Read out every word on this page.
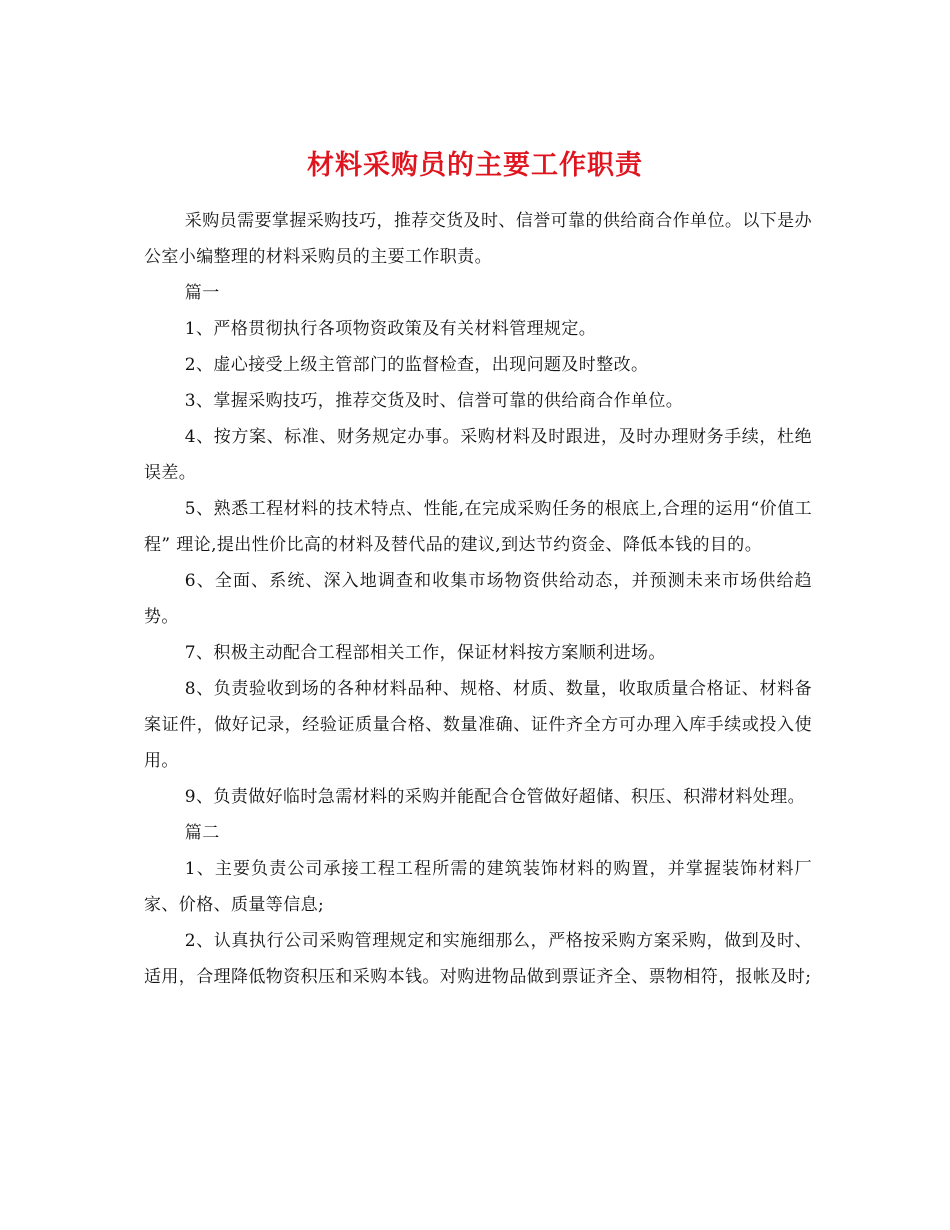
材料采购员的主要工作职责

采购员需要掌握采购技巧，推荐交货及时、信誉可靠的供给商合作单位。以下是办公室小编整理的材料采购员的主要工作职责。

篇一

1、严格贯彻执行各项物资政策及有关材料管理规定。

2、虚心接受上级主管部门的监督检查，出现问题及时整改。

3、掌握采购技巧，推荐交货及时、信誉可靠的供给商合作单位。

4、按方案、标准、财务规定办事。采购材料及时跟进，及时办理财务手续，杜绝误差。

5、熟悉工程材料的技术特点、性能,在完成采购任务的根底上,合理的运用“价值工程” 理论,提出性价比高的材料及替代品的建议,到达节约资金、降低本钱的目的。

6、全面、系统、深入地调查和收集市场物资供给动态，并预测未来市场供给趋势。

7、积极主动配合工程部相关工作，保证材料按方案顺利进场。

8、负责验收到场的各种材料品种、规格、材质、数量，收取质量合格证、材料备案证件，做好记录，经验证质量合格、数量准确、证件齐全方可办理入库手续或投入使用。

9、负责做好临时急需材料的采购并能配合仓管做好超储、积压、积滞材料处理。

篇二

1、主要负责公司承接工程工程所需的建筑装饰材料的购置，并掌握装饰材料厂家、价格、质量等信息;

2、认真执行公司采购管理规定和实施细那么，严格按采购方案采购，做到及时、适用，合理降低物资积压和采购本钱。对购进物品做到票证齐全、票物相符，报帐及时;
